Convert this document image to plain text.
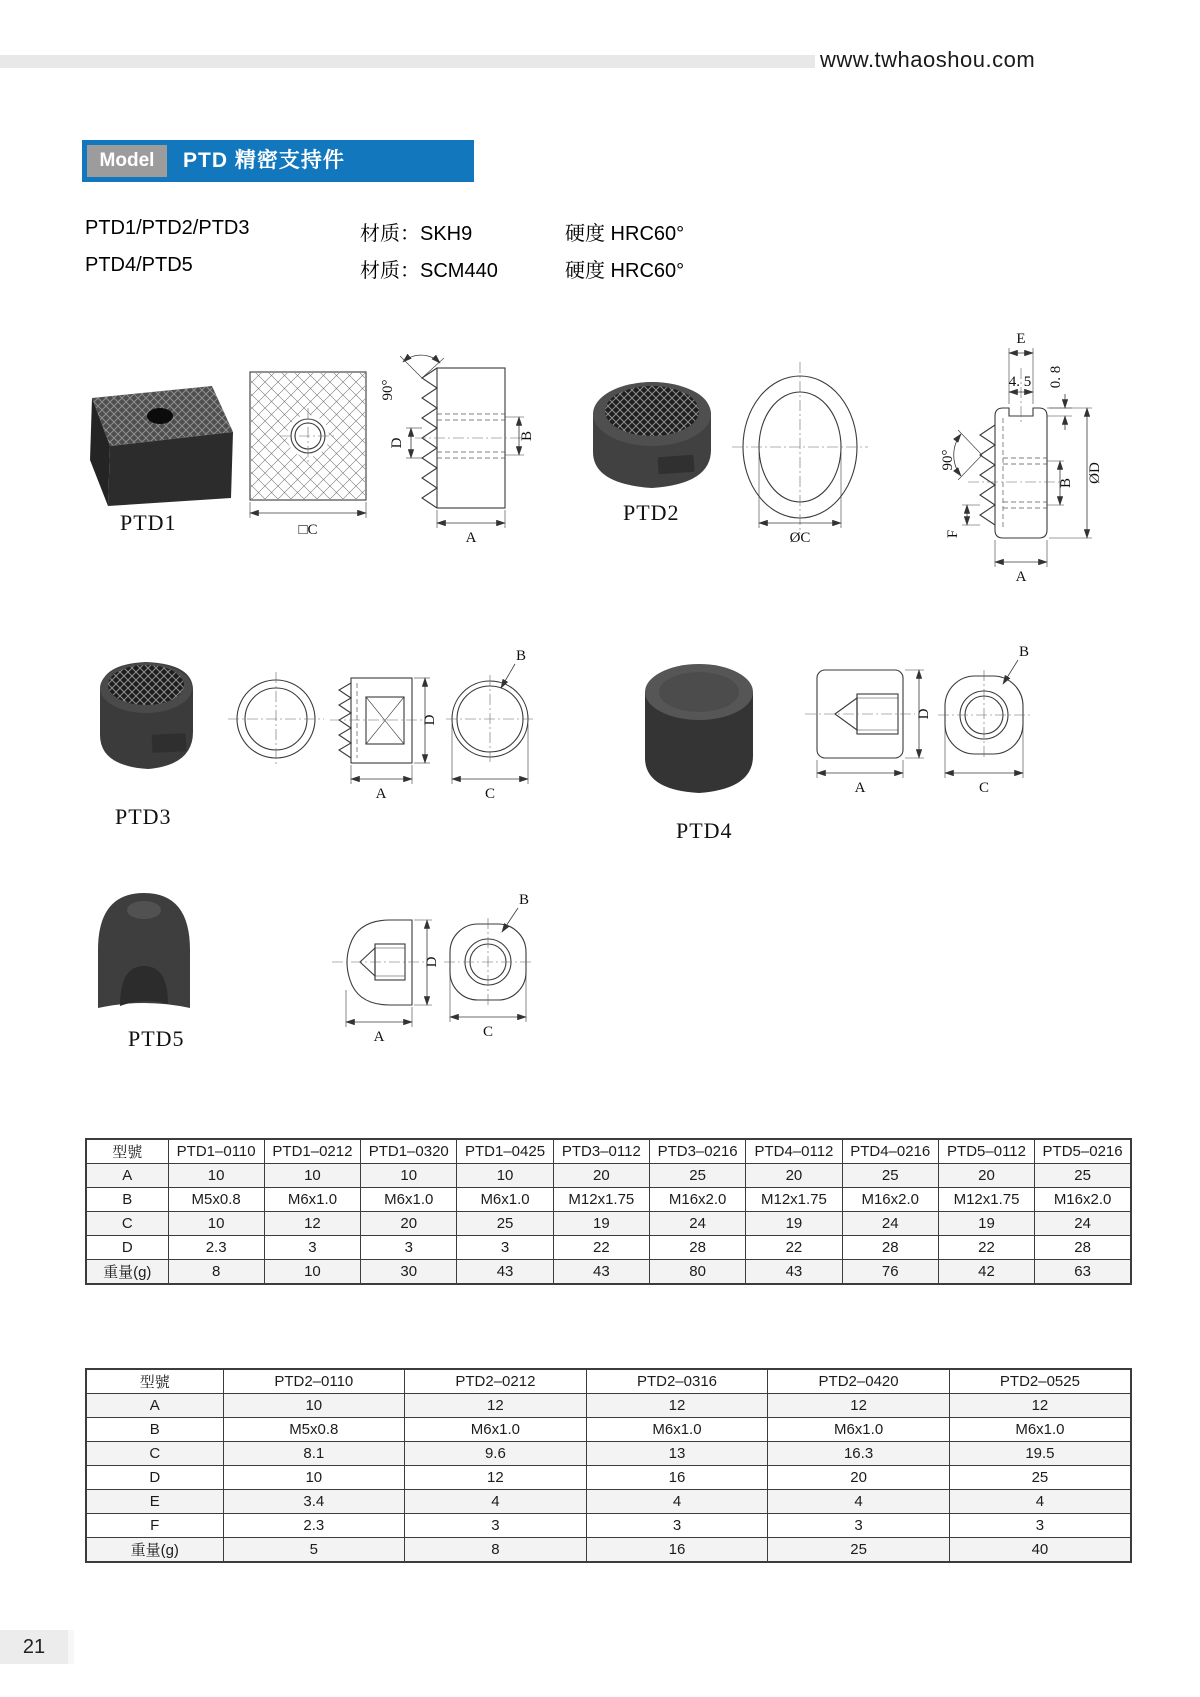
www.twhaoshou.com
Model	PTD 精密支持件
PTD1/PTD2/PTD3	材质：SKH9	硬度 HRC60°
PTD4/PTD5	材质：SCM440	硬度 HRC60°
□C
90°
D
B
A
PTD1
ØC
E
4. 5 0. 8
90°
B ØD
F
A
PTD2
D
A
B
C
PTD3
D
A
B
C
PTD4
D
A
B
C
PTD5
型號	PTD1–0110	PTD1–0212	PTD1–0320	PTD1–0425	PTD3–0112	PTD3–0216	PTD4–0112	PTD4–0216	PTD5–0112	PTD5–0216
A	10	10	10	10	20	25	20	25	20	25
B	M5x0.8	M6x1.0	M6x1.0	M6x1.0	M12x1.75	M16x2.0	M12x1.75	M16x2.0	M12x1.75	M16x2.0
C	10	12	20	25	19	24	19	24	19	24
D	2.3	3	3	3	22	28	22	28	22	28
重量(g)	8	10	30	43	43	80	43	76	42	63
型號	PTD2–0110	PTD2–0212	PTD2–0316	PTD2–0420	PTD2–0525
A	10	12	12	12	12
B	M5x0.8	M6x1.0	M6x1.0	M6x1.0	M6x1.0
C	8.1	9.6	13	16.3	19.5
D	10	12	16	20	25
E	3.4	4	4	4	4
F	2.3	3	3	3	3
重量(g)	5	8	16	25	40
21
